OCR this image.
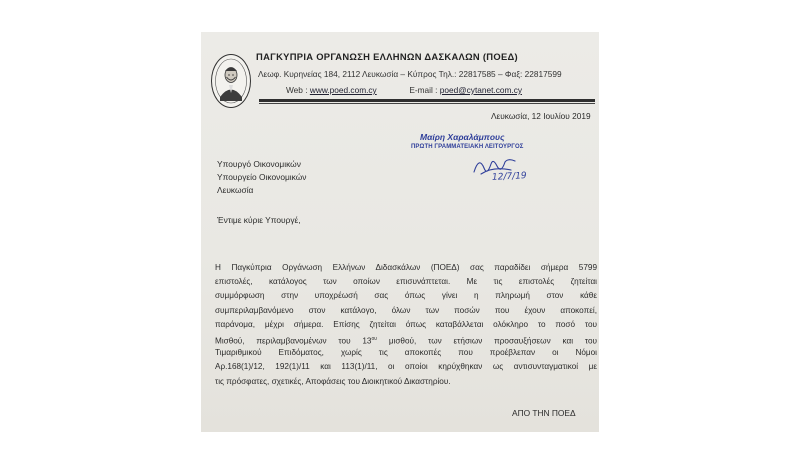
ΠΑΓΚΥΠΡΙΑ ΟΡΓΑΝΩΣΗ ΕΛΛΗΝΩΝ ΔΑΣΚΑΛΩΝ (ΠΟΕΔ)
Λεωφ. Κυρηνείας 184, 2112 Λευκωσία – Κύπρος Τηλ.: 22817585 – Φαξ: 22817599
Web : www.poed.com.cy	E-mail : poed@cytanet.com.cy
Λευκωσία, 12 Ιουλίου 2019
Μαίρη Χαραλάμπους
ΠΡΩΤΗ ΓΡΑΜΜΑΤΕΙΑΚΗ ΛΕΙΤΟΥΡΓΟΣ
12/7/19
Υπουργό Οικονομικών
Υπουργείο Οικονομικών
Λευκωσία
Έντιμε κύριε Υπουργέ,
Η Παγκύπρια Οργάνωση Ελλήνων Διδασκάλων (ΠΟΕΔ) σας παραδίδει σήμερα 5799
επιστολές, κατάλογος των οποίων επισυνάπτεται. Με τις επιστολές ζητείται
συμμόρφωση στην υποχρέωσή σας όπως γίνει η πληρωμή στον κάθε
συμπεριλαμβανόμενο στον κατάλογο, όλων των ποσών που έχουν αποκοπεί,
παράνομα, μέχρι σήμερα. Επίσης ζητείται όπως καταβάλλεται ολόκληρο το ποσό του
Μισθού, περιλαμβανομένων του $13^{o\upsilon}$ μισθού, των ετήσιων προσαυξήσεων και του
Τιμαριθμικού Επιδόματος, χωρίς τις αποκοπές που προέβλεπαν οι Νόμοι
Αρ.168(1)/12, 192(1)/11 και 113(1)/11, οι οποίοι κηρύχθηκαν ως αντισυνταγματικοί με
τις πρόσφατες, σχετικές, Αποφάσεις του Διοικητικού Δικαστηρίου.
ΑΠΟ ΤΗΝ ΠΟΕΔ
